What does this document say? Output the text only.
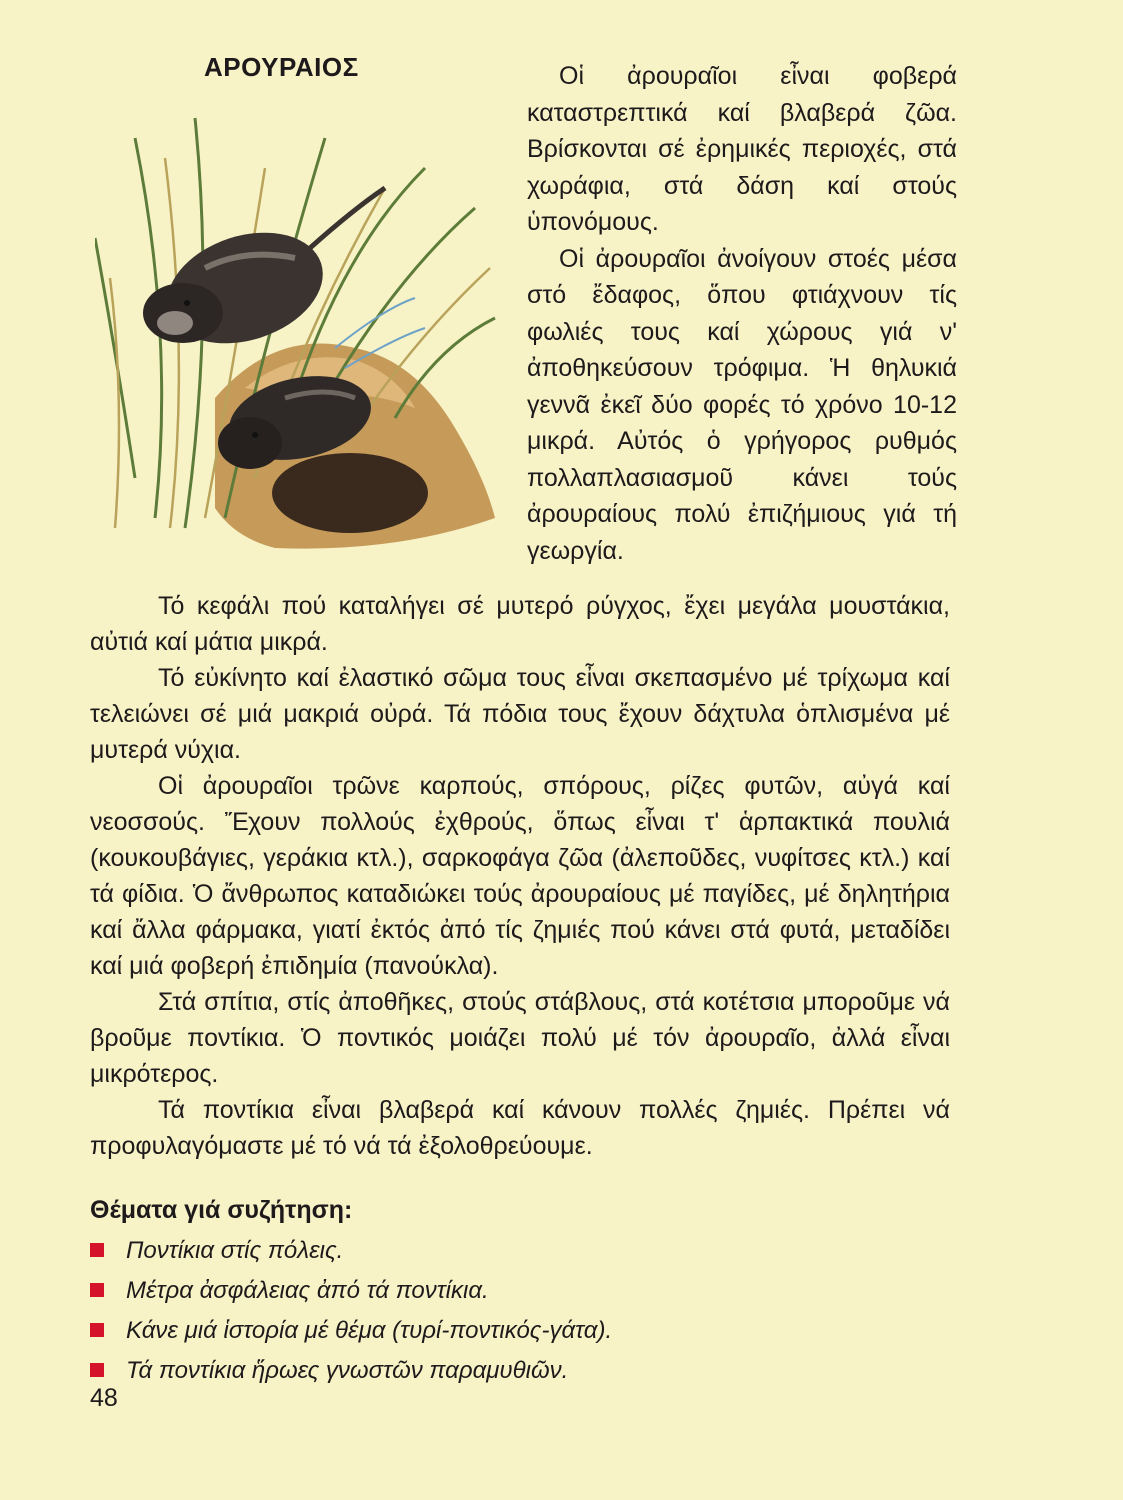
ΑΡΟΥΡΑΙΟΣ	Οἱ ἀρουραῖοι εἶναι φοβερά καταστρεπτικά καί βλαβερά ζῶα. Βρίσκονται σέ ἐρημικές περιοχές, στά χωράφια, στά δάση καί στούς ὑπονόμους.

Οἱ ἀρουραῖοι ἀνοίγουν στοές μέσα στό ἔδαφος, ὅπου φτιάχνουν τίς φωλιές τους καί χώρους γιά ν' ἀποθηκεύσουν τρόφιμα. Ἡ θηλυκιά γεννᾶ ἐκεῖ δύο φορές τό χρόνο 10-12 μικρά. Αὐτός ὁ γρήγορος ρυθμός πολλαπλασιασμοῦ κάνει τούς ἀρουραίους πολύ ἐπιζήμιους γιά τή γεωργία.

Τό κεφάλι πού καταλήγει σέ μυτερό ρύγχος, ἔχει μεγάλα μουστάκια, αὐτιά καί μάτια μικρά.

Τό εὐκίνητο καί ἐλαστικό σῶμα τους εἶναι σκεπασμένο μέ τρίχωμα καί τελειώνει σέ μιά μακριά οὐρά. Τά πόδια τους ἔχουν δάχτυλα ὁπλισμένα μέ μυτερά νύχια.

Οἱ ἀρουραῖοι τρῶνε καρπούς, σπόρους, ρίζες φυτῶν, αὐγά καί νεοσσούς. Ἔχουν πολλούς ἐχθρούς, ὅπως εἶναι τ' ἁρπακτικά πουλιά (κουκουβάγιες, γεράκια κτλ.), σαρκοφάγα ζῶα (ἀλεποῦδες, νυφίτσες κτλ.) καί τά φίδια. Ὁ ἄνθρωπος καταδιώκει τούς ἀρουραίους μέ παγίδες, μέ δηλητήρια καί ἄλλα φάρμακα, γιατί ἐκτός ἀπό τίς ζημιές πού κάνει στά φυτά, μεταδίδει καί μιά φοβερή ἐπιδημία (πανούκλα).

Στά σπίτια, στίς ἀποθῆκες, στούς στάβλους, στά κοτέτσια μποροῦμε νά βροῦμε ποντίκια. Ὁ ποντικός μοιάζει πολύ μέ τόν ἀρουραῖο, ἀλλά εἶναι μικρότερος.

Τά ποντίκια εἶναι βλαβερά καί κάνουν πολλές ζημιές. Πρέπει νά προφυλαγόμαστε μέ τό νά τά ἐξολοθρεύουμε.

Θέματα γιά συζήτηση:
Ποντίκια στίς πόλεις.
Μέτρα ἀσφάλειας ἀπό τά ποντίκια.
Κάνε μιά ἱστορία μέ θέμα (τυρί-ποντικός-γάτα).
Τά ποντίκια ἥρωες γνωστῶν παραμυθιῶν.

48
